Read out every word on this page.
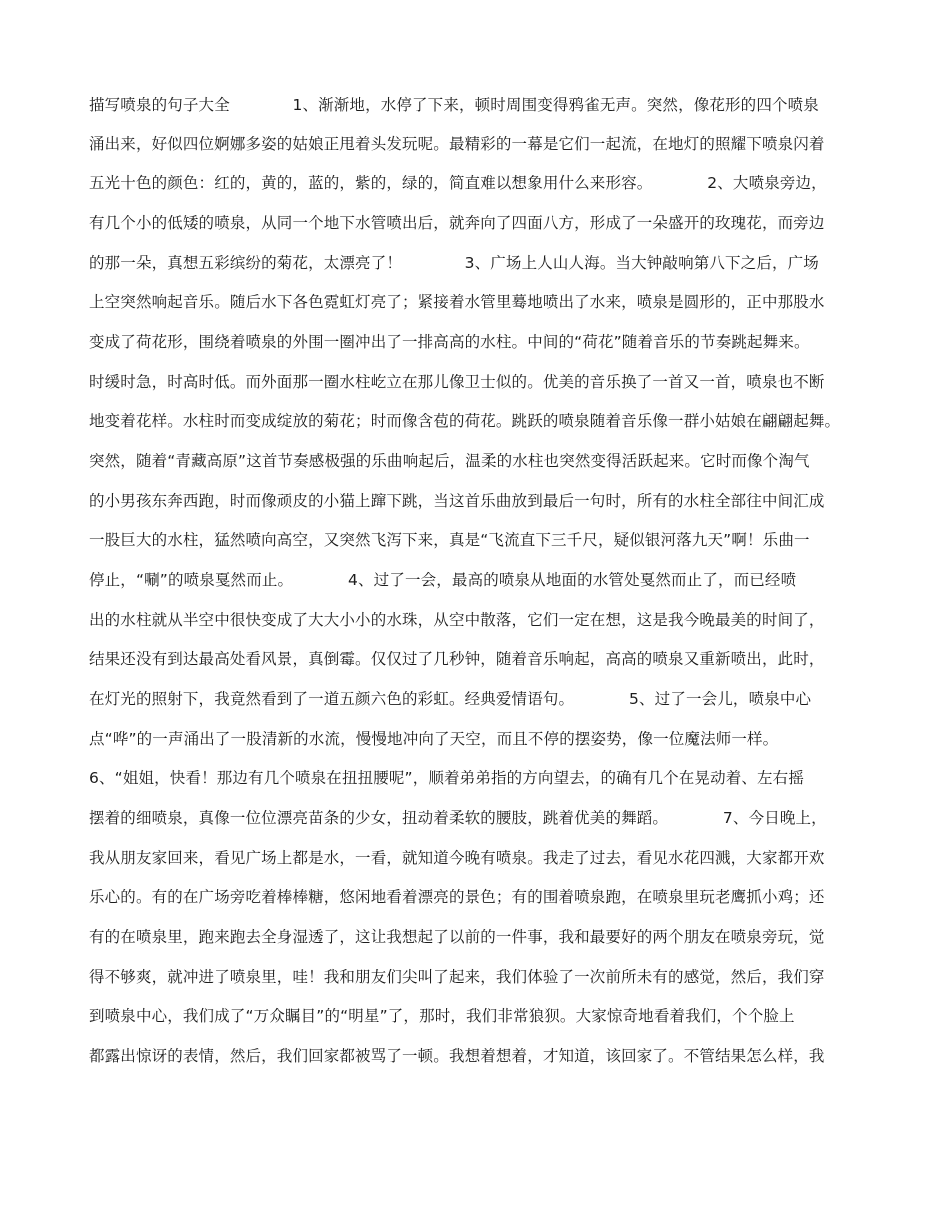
描写喷泉的句子大全　　　　1、渐渐地，水停了下来，顿时周围变得鸦雀无声。突然，像花形的四个喷泉
涌出来，好似四位婀娜多姿的姑娘正甩着头发玩呢。最精彩的一幕是它们一起流，在地灯的照耀下喷泉闪着
五光十色的颜色：红的，黄的，蓝的，紫的，绿的，简直难以想象用什么来形容。　　　　2、大喷泉旁边，
有几个小的低矮的喷泉，从同一个地下水管喷出后，就奔向了四面八方，形成了一朵盛开的玫瑰花，而旁边
的那一朵，真想五彩缤纷的菊花，太漂亮了！　　　　3、广场上人山人海。当大钟敲响第八下之后，广场
上空突然响起音乐。随后水下各色霓虹灯亮了；紧接着水管里蓦地喷出了水来，喷泉是圆形的，正中那股水
变成了荷花形，围绕着喷泉的外围一圈冲出了一排高高的水柱。中间的“荷花”随着音乐的节奏跳起舞来。
时缓时急，时高时低。而外面那一圈水柱屹立在那儿像卫士似的。优美的音乐换了一首又一首，喷泉也不断
地变着花样。水柱时而变成绽放的菊花；时而像含苞的荷花。跳跃的喷泉随着音乐像一群小姑娘在翩翩起舞。
突然，随着“青藏高原”这首节奏感极强的乐曲响起后，温柔的水柱也突然变得活跃起来。它时而像个淘气
的小男孩东奔西跑，时而像顽皮的小猫上蹿下跳，当这首乐曲放到最后一句时，所有的水柱全部往中间汇成
一股巨大的水柱，猛然喷向高空，又突然飞泻下来，真是“飞流直下三千尺，疑似银河落九天”啊！乐曲一
停止，“唰”的喷泉戛然而止。　　　　4、过了一会，最高的喷泉从地面的水管处戛然而止了，而已经喷
出的水柱就从半空中很快变成了大大小小的水珠，从空中散落，它们一定在想，这是我今晚最美的时间了，
结果还没有到达最高处看风景，真倒霉。仅仅过了几秒钟，随着音乐响起，高高的喷泉又重新喷出，此时，
在灯光的照射下，我竟然看到了一道五颜六色的彩虹。经典爱情语句。　　　　5、过了一会儿，喷泉中心
点“哗”的一声涌出了一股清新的水流，慢慢地冲向了天空，而且不停的摆姿势，像一位魔法师一样。
6、“姐姐，快看！那边有几个喷泉在扭扭腰呢”，顺着弟弟指的方向望去，的确有几个在晃动着、左右摇
摆着的细喷泉，真像一位位漂亮苗条的少女，扭动着柔软的腰肢，跳着优美的舞蹈。　　　　7、今日晚上，
我从朋友家回来，看见广场上都是水，一看，就知道今晚有喷泉。我走了过去，看见水花四溅，大家都开欢
乐心的。有的在广场旁吃着棒棒糖，悠闲地看着漂亮的景色；有的围着喷泉跑，在喷泉里玩老鹰抓小鸡；还
有的在喷泉里，跑来跑去全身湿透了，这让我想起了以前的一件事，我和最要好的两个朋友在喷泉旁玩，觉
得不够爽，就冲进了喷泉里，哇！我和朋友们尖叫了起来，我们体验了一次前所未有的感觉，然后，我们穿
到喷泉中心，我们成了“万众瞩目”的“明星”了，那时，我们非常狼狈。大家惊奇地看着我们，个个脸上
都露出惊讶的表情，然后，我们回家都被骂了一顿。我想着想着，才知道，该回家了。不管结果怎么样，我
